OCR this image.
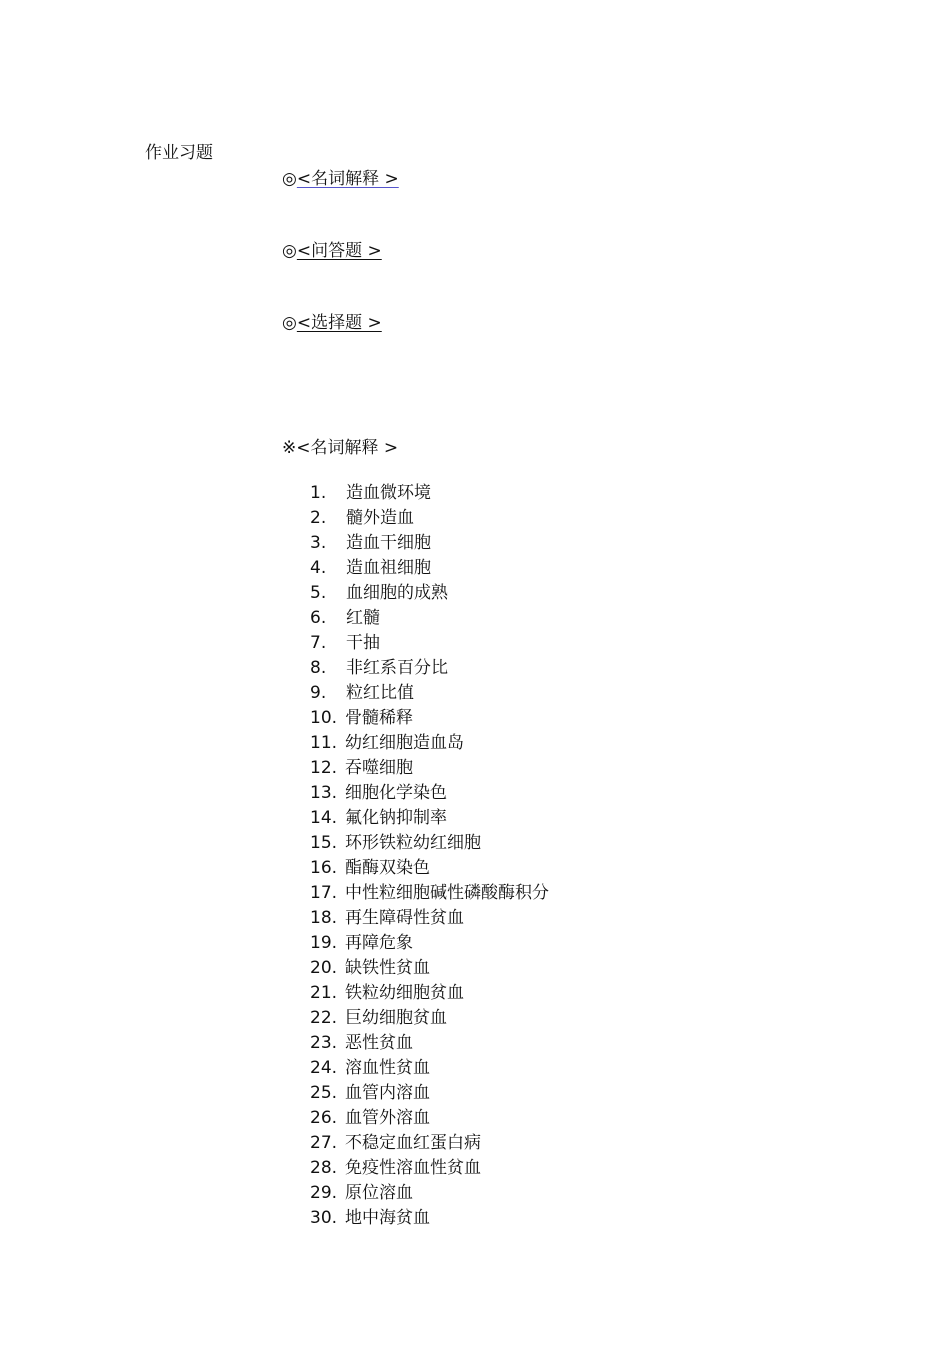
作业习题
◎<名词解释 >
◎<问答题 >
◎<选择题 >
※<名词解释 >
1.	造血微环境
2.	髓外造血
3.	造血干细胞
4.	造血祖细胞
5.	血细胞的成熟
6.	红髓
7.	干抽
8.	非红系百分比
9.	粒红比值
10. 骨髓稀释
11. 幼红细胞造血岛
12. 吞噬细胞
13. 细胞化学染色
14. 氟化钠抑制率
15. 环形铁粒幼红细胞
16. 酯酶双染色
17. 中性粒细胞碱性磷酸酶积分
18. 再生障碍性贫血
19. 再障危象
20. 缺铁性贫血
21. 铁粒幼细胞贫血
22. 巨幼细胞贫血
23. 恶性贫血
24. 溶血性贫血
25. 血管内溶血
26. 血管外溶血
27. 不稳定血红蛋白病
28. 免疫性溶血性贫血
29. 原位溶血
30. 地中海贫血
